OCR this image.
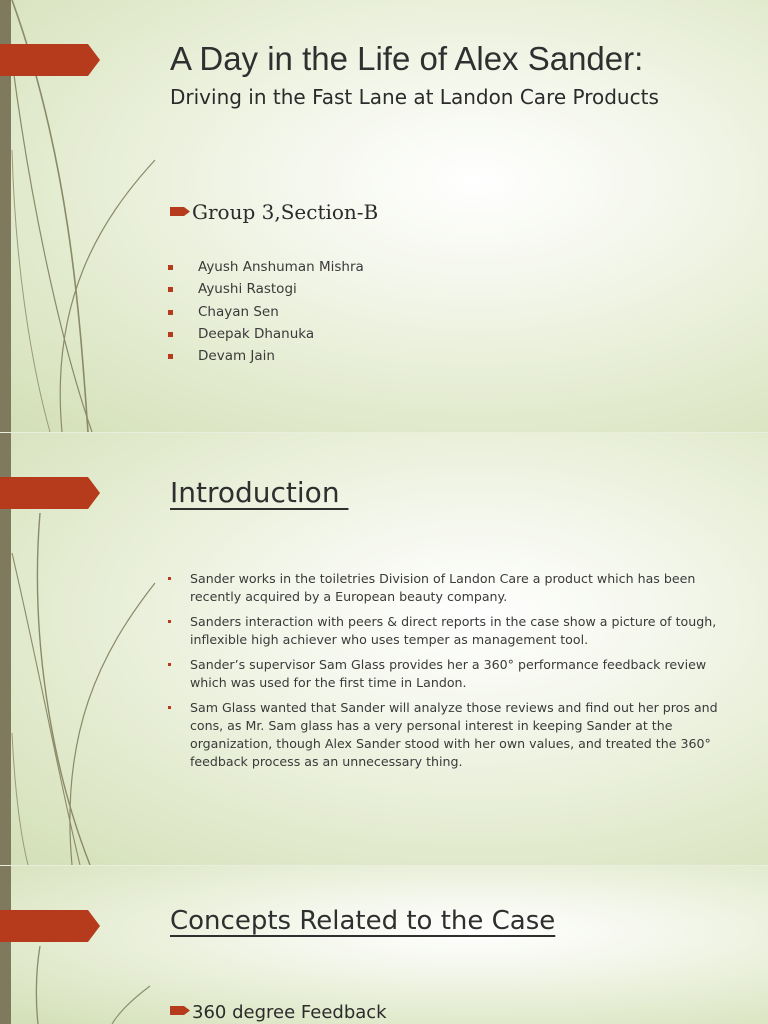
A Day in the Life of Alex Sander:

Driving in the Fast Lane at Landon Care Products

Group 3,Section-B

Ayush Anshuman Mishra
Ayushi Rastogi
Chayan Sen
Deepak Dhanuka
Devam Jain
Introduction
Sander works in the toiletries Division of Landon Care a product which has been recently acquired by a European beauty company.
Sanders interaction with peers & direct reports in the case show a picture of tough, inflexible high achiever who uses temper as management tool.
Sander’s supervisor Sam Glass provides her a 360° performance feedback review which was used for the first time in Landon.
Sam Glass wanted that Sander will analyze those reviews and find out her pros and cons, as Mr. Sam glass has a very personal interest in keeping Sander at the organization, though Alex Sander stood with her own values, and treated the 360° feedback process as an unnecessary thing.
Concepts Related to the Case

360 degree Feedback
